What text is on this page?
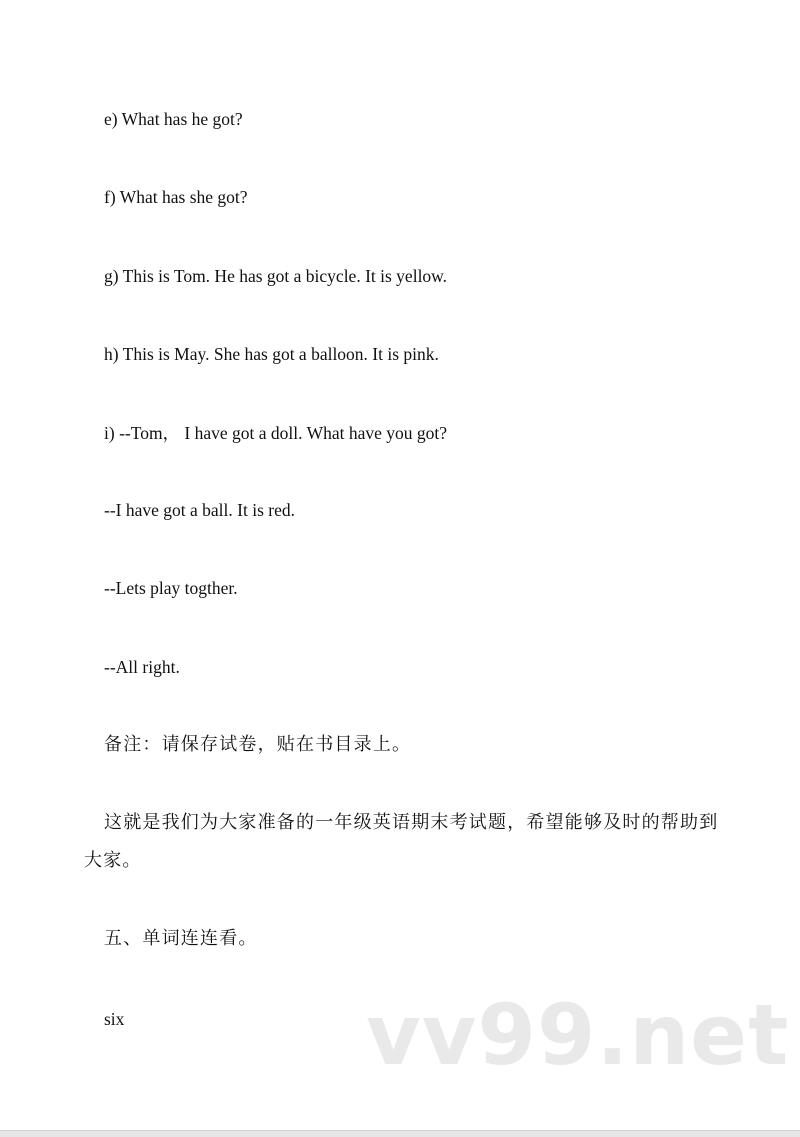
e) What has he got?
f) What has she got?
g) This is Tom. He has got a bicycle. It is yellow.
h) This is May. She has got a balloon. It is pink.
i) --Tom， I have got a doll. What have you got?
--I have got a ball. It is red.
--Lets play togther.
--All right.
备注：请保存试卷，贴在书目录上。
这就是我们为大家准备的一年级英语期末考试题，希望能够及时的帮助到
大家。
五、单词连连看。
six	vv99.net
